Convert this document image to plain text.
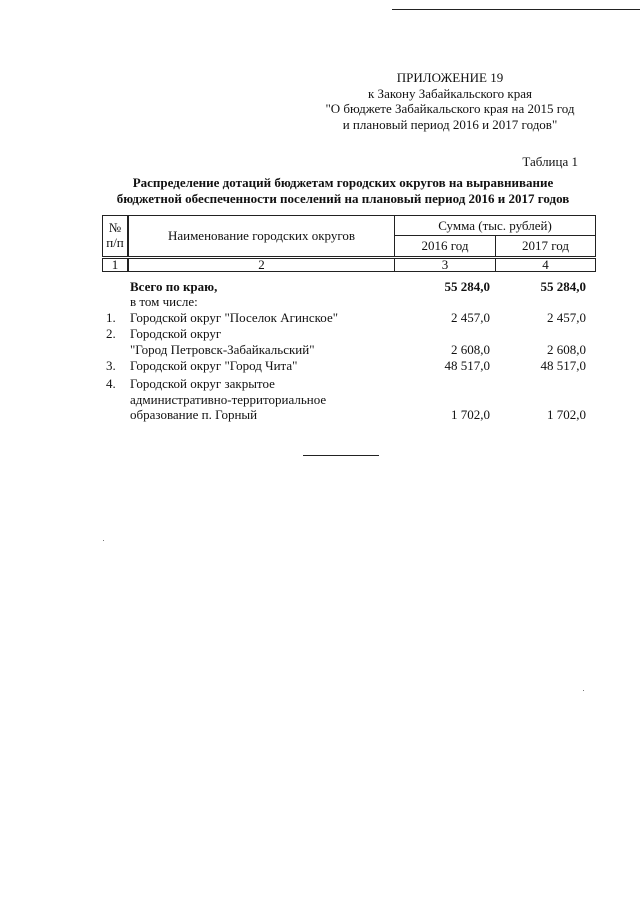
ПРИЛОЖЕНИЕ 19
к Закону Забайкальского края
"О бюджете Забайкальского края на 2015 год
и плановый период 2016 и 2017 годов"
Таблица 1
Распределение дотаций бюджетам городских округов на выравнивание
бюджетной обеспеченности поселений на плановый период 2016 и 2017 годов
№
п/п	Наименование городских округов
Сумма (тыс. рублей)
2016 год	2017 год
1	2	3	4
Всего по краю,	55 284,0	55 284,0
в том числе:
1. Городской округ "Поселок Агинское"	2 457,0	2 457,0
2. Городской округ
"Город Петровск-Забайкальский"	2 608,0	2 608,0
3. Городской округ "Город Чита"	48 517,0	48 517,0
4. Городской округ закрытое
административно-территориальное
образование п. Горный	1 702,0	1 702,0
